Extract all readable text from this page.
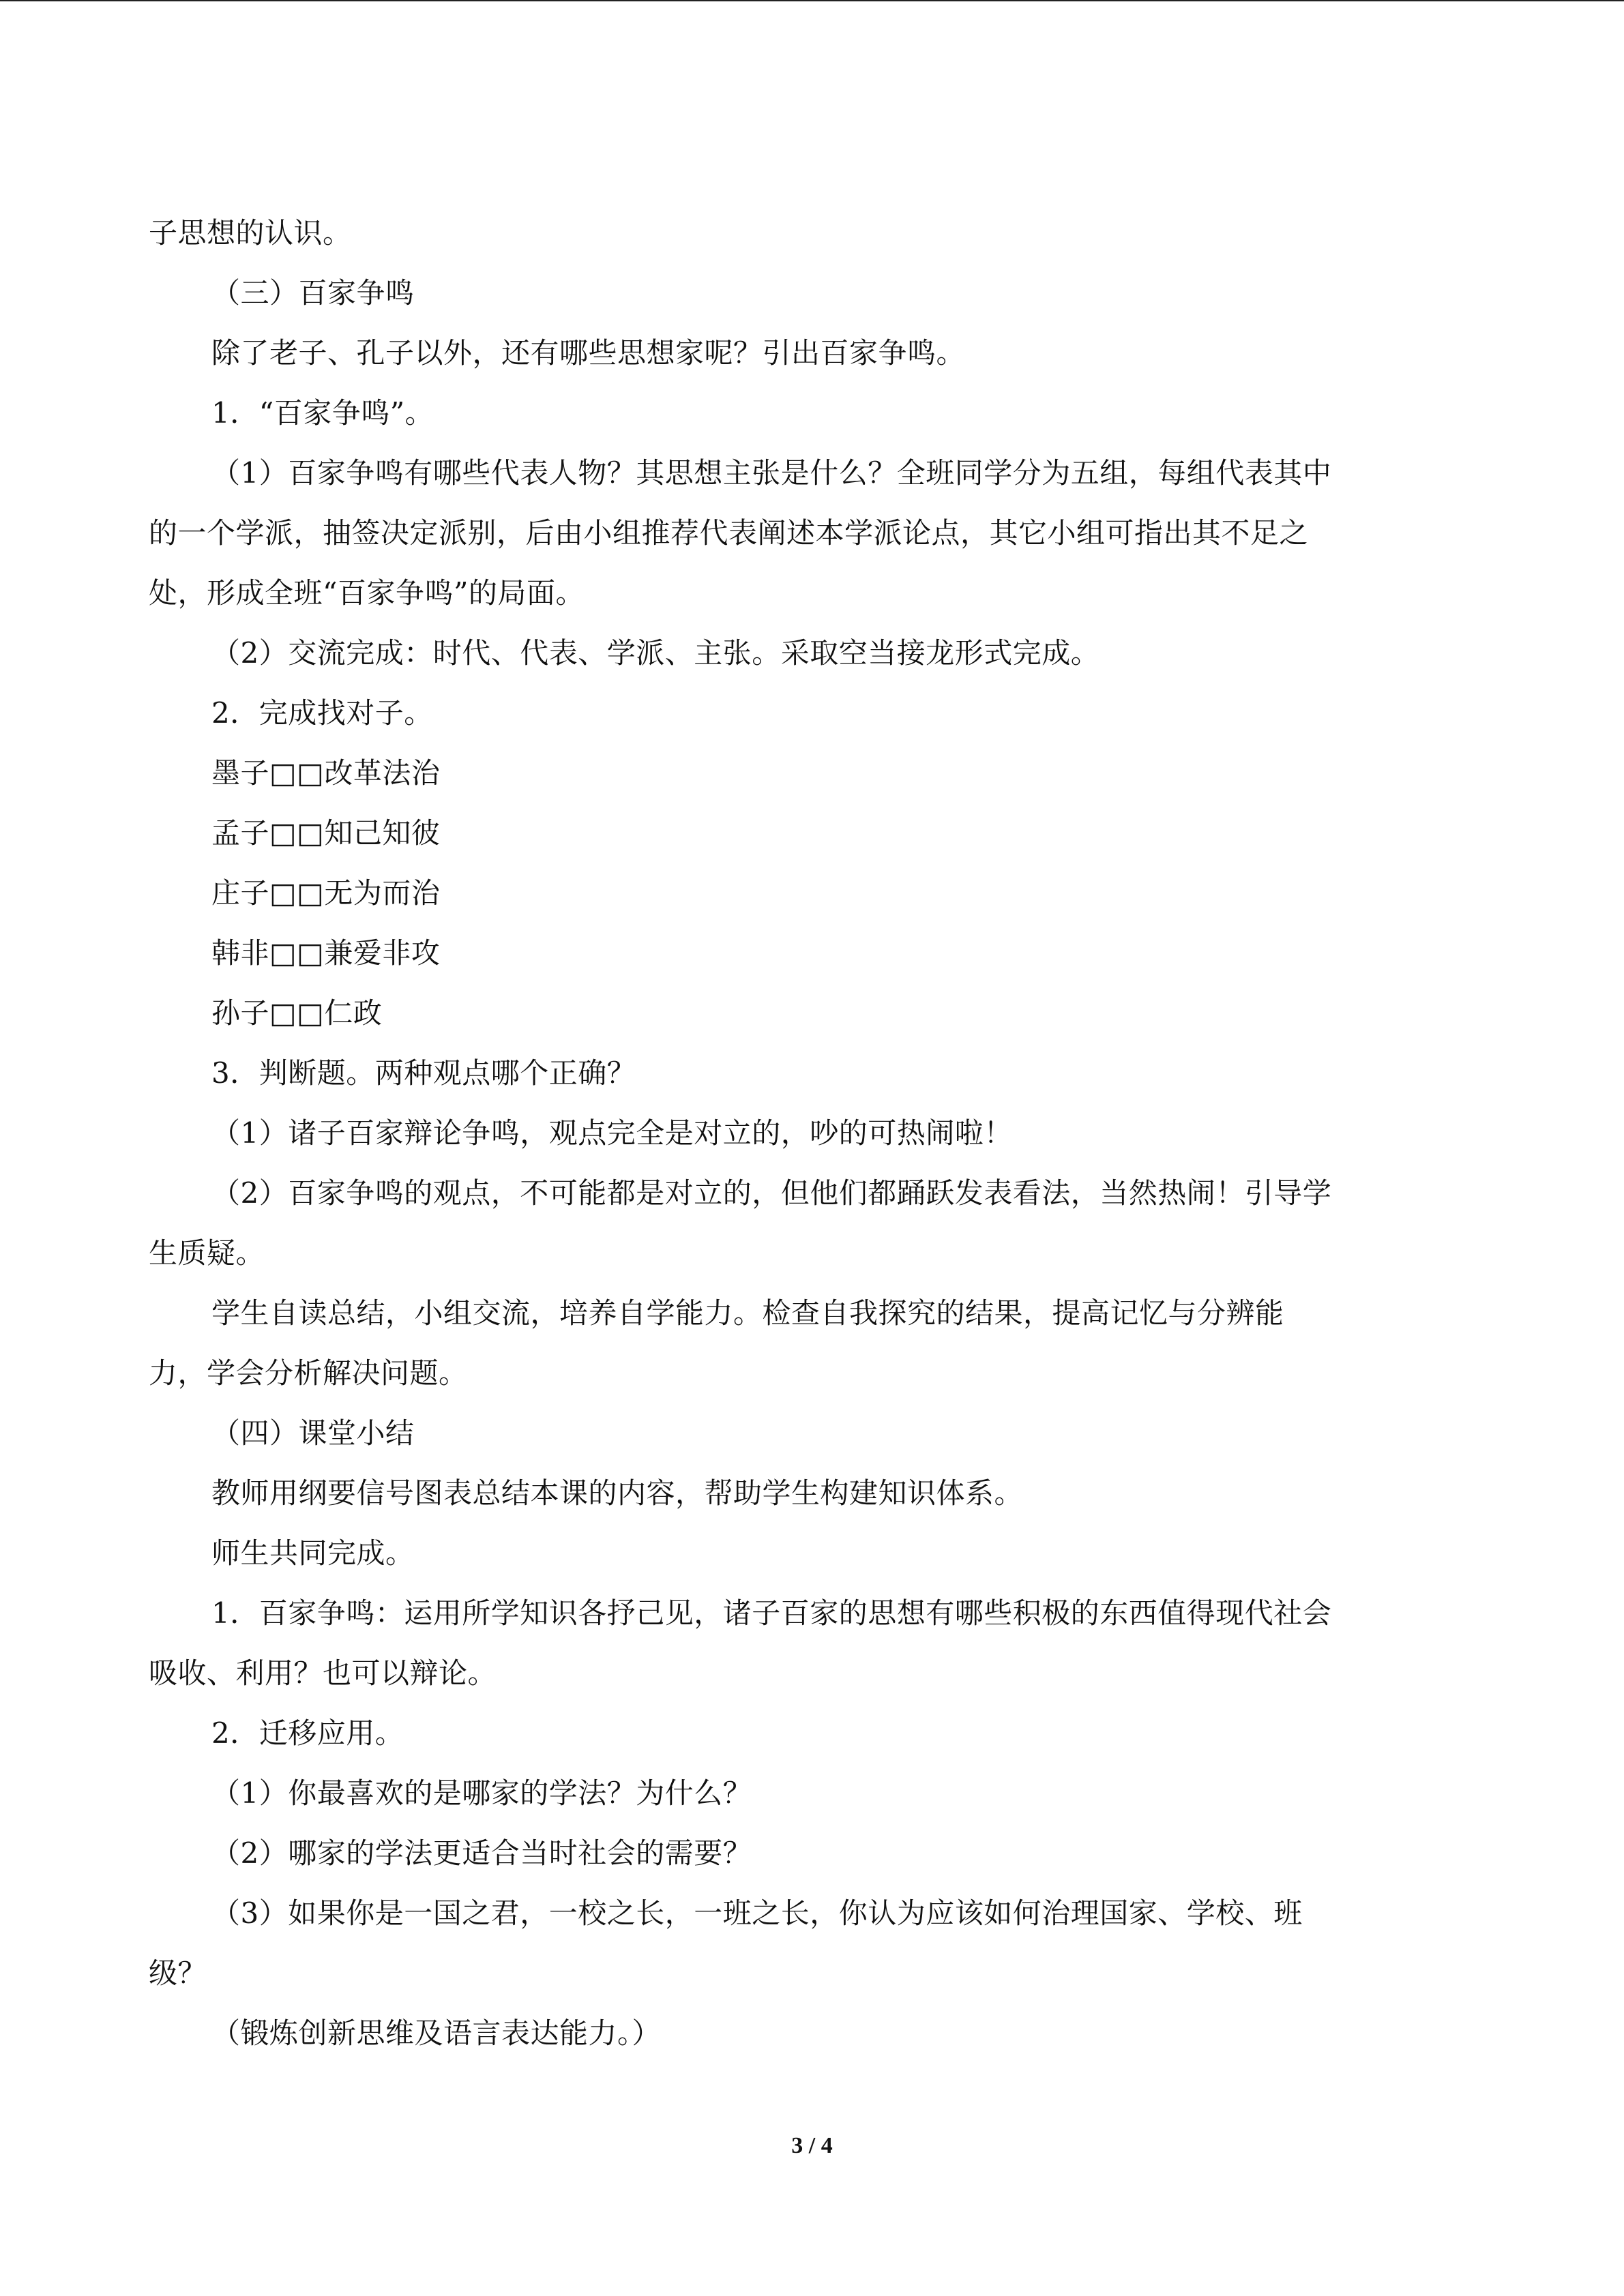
子思想的认识。
（三）百家争鸣
除了老子、孔子以外，还有哪些思想家呢？引出百家争鸣。
1．“百家争鸣”。
（1）百家争鸣有哪些代表人物？其思想主张是什么？全班同学分为五组，每组代表其中
的一个学派，抽签决定派别，后由小组推荐代表阐述本学派论点，其它小组可指出其不足之
处，形成全班“百家争鸣”的局面。
（2）交流完成：时代、代表、学派、主张。采取空当接龙形式完成。
2．完成找对子。
墨子□□改革法治
孟子□□知己知彼
庄子□□无为而治
韩非□□兼爱非攻
孙子□□仁政
3．判断题。两种观点哪个正确？
（1）诸子百家辩论争鸣，观点完全是对立的，吵的可热闹啦！
（2）百家争鸣的观点，不可能都是对立的，但他们都踊跃发表看法，当然热闹！引导学
生质疑。
学生自读总结，小组交流，培养自学能力。检查自我探究的结果，提高记忆与分辨能
力，学会分析解决问题。
（四）课堂小结
教师用纲要信号图表总结本课的内容，帮助学生构建知识体系。
师生共同完成。
1．百家争鸣：运用所学知识各抒己见，诸子百家的思想有哪些积极的东西值得现代社会
吸收、利用？也可以辩论。
2．迁移应用。
（1）你最喜欢的是哪家的学法？为什么？
（2）哪家的学法更适合当时社会的需要？
（3）如果你是一国之君，一校之长，一班之长，你认为应该如何治理国家、学校、班
级？
（锻炼创新思维及语言表达能力。）
3 / 4
